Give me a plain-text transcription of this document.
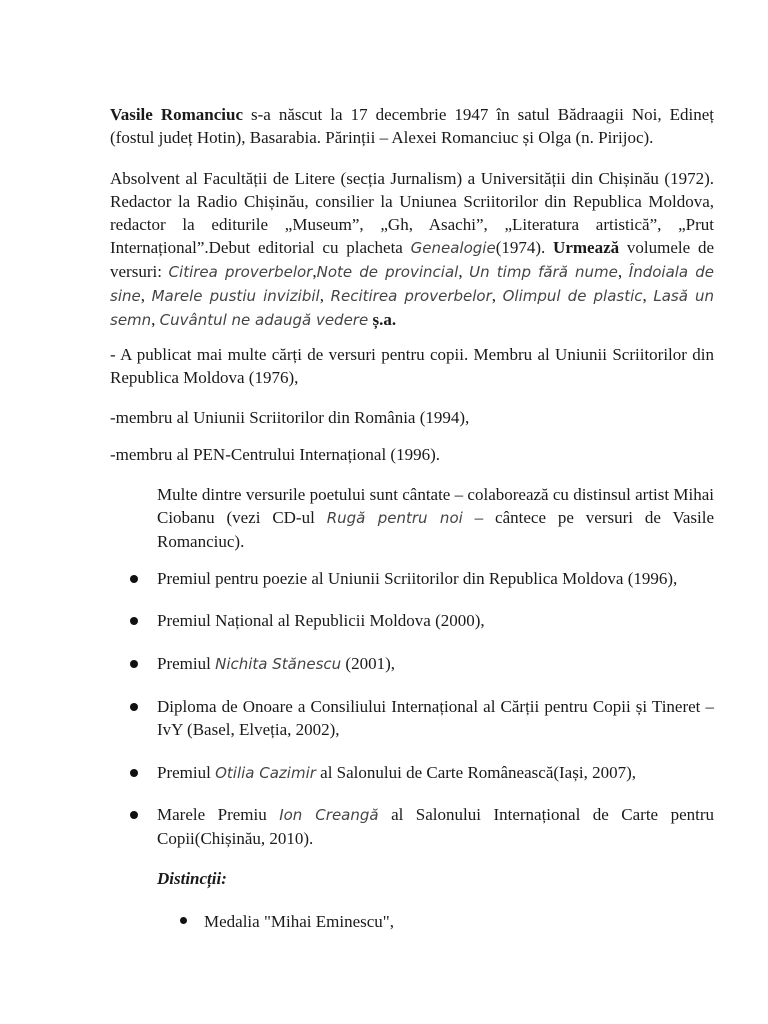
Vasile Romanciuc s-a născut la 17 decembrie 1947 în satul Bădraagii Noi, Edineț (fostul județ Hotin), Basarabia. Părinții – Alexei Romanciuc și Olga (n. Pirijoc).

Absolvent al Facultății de Litere (secția Jurnalism) a Universității din Chișinău (1972). Redactor la Radio Chișinău, consilier la Uniunea Scriitorilor din Republica Moldova, redactor la editurile „Museum”, „Gh, Asachi”, „Literatura artistică”, „Prut Internațional”.Debut editorial cu placheta Genealogie(1974). Urmează volumele de versuri: Citirea proverbelor,Note de provincial, Un timp fără nume, Îndoiala de sine, Marele pustiu invizibil, Recitirea proverbelor, Olimpul de plastic, Lasă un semn, Cuvântul ne adaugă vedere ș.a.

- A publicat mai multe cărți de versuri pentru copii. Membru al Uniunii Scriitorilor din Republica Moldova (1976),

-membru al Uniunii Scriitorilor din România (1994),

-membru al PEN-Centrului Internațional (1996).

Multe dintre versurile poetului sunt cântate – colaborează cu distinsul artist Mihai Ciobanu (vezi CD-ul Rugă pentru noi – cântece pe versuri de Vasile Romanciuc).

Premiul pentru poezie al Uniunii Scriitorilor din Republica Moldova (1996),

Premiul Național al Republicii Moldova (2000),

Premiul Nichita Stănescu (2001),

Diploma de Onoare a Consiliului Internațional al Cărții pentru Copii și Tineret – IvY (Basel, Elveția, 2002),

Premiul Otilia Cazimir al Salonului de Carte Românească(Iași, 2007),

Marele Premiu Ion Creangă al Salonului Internațional de Carte pentru Copii(Chișinău, 2010).

Distincții:

Medalia "Mihai Eminescu",
